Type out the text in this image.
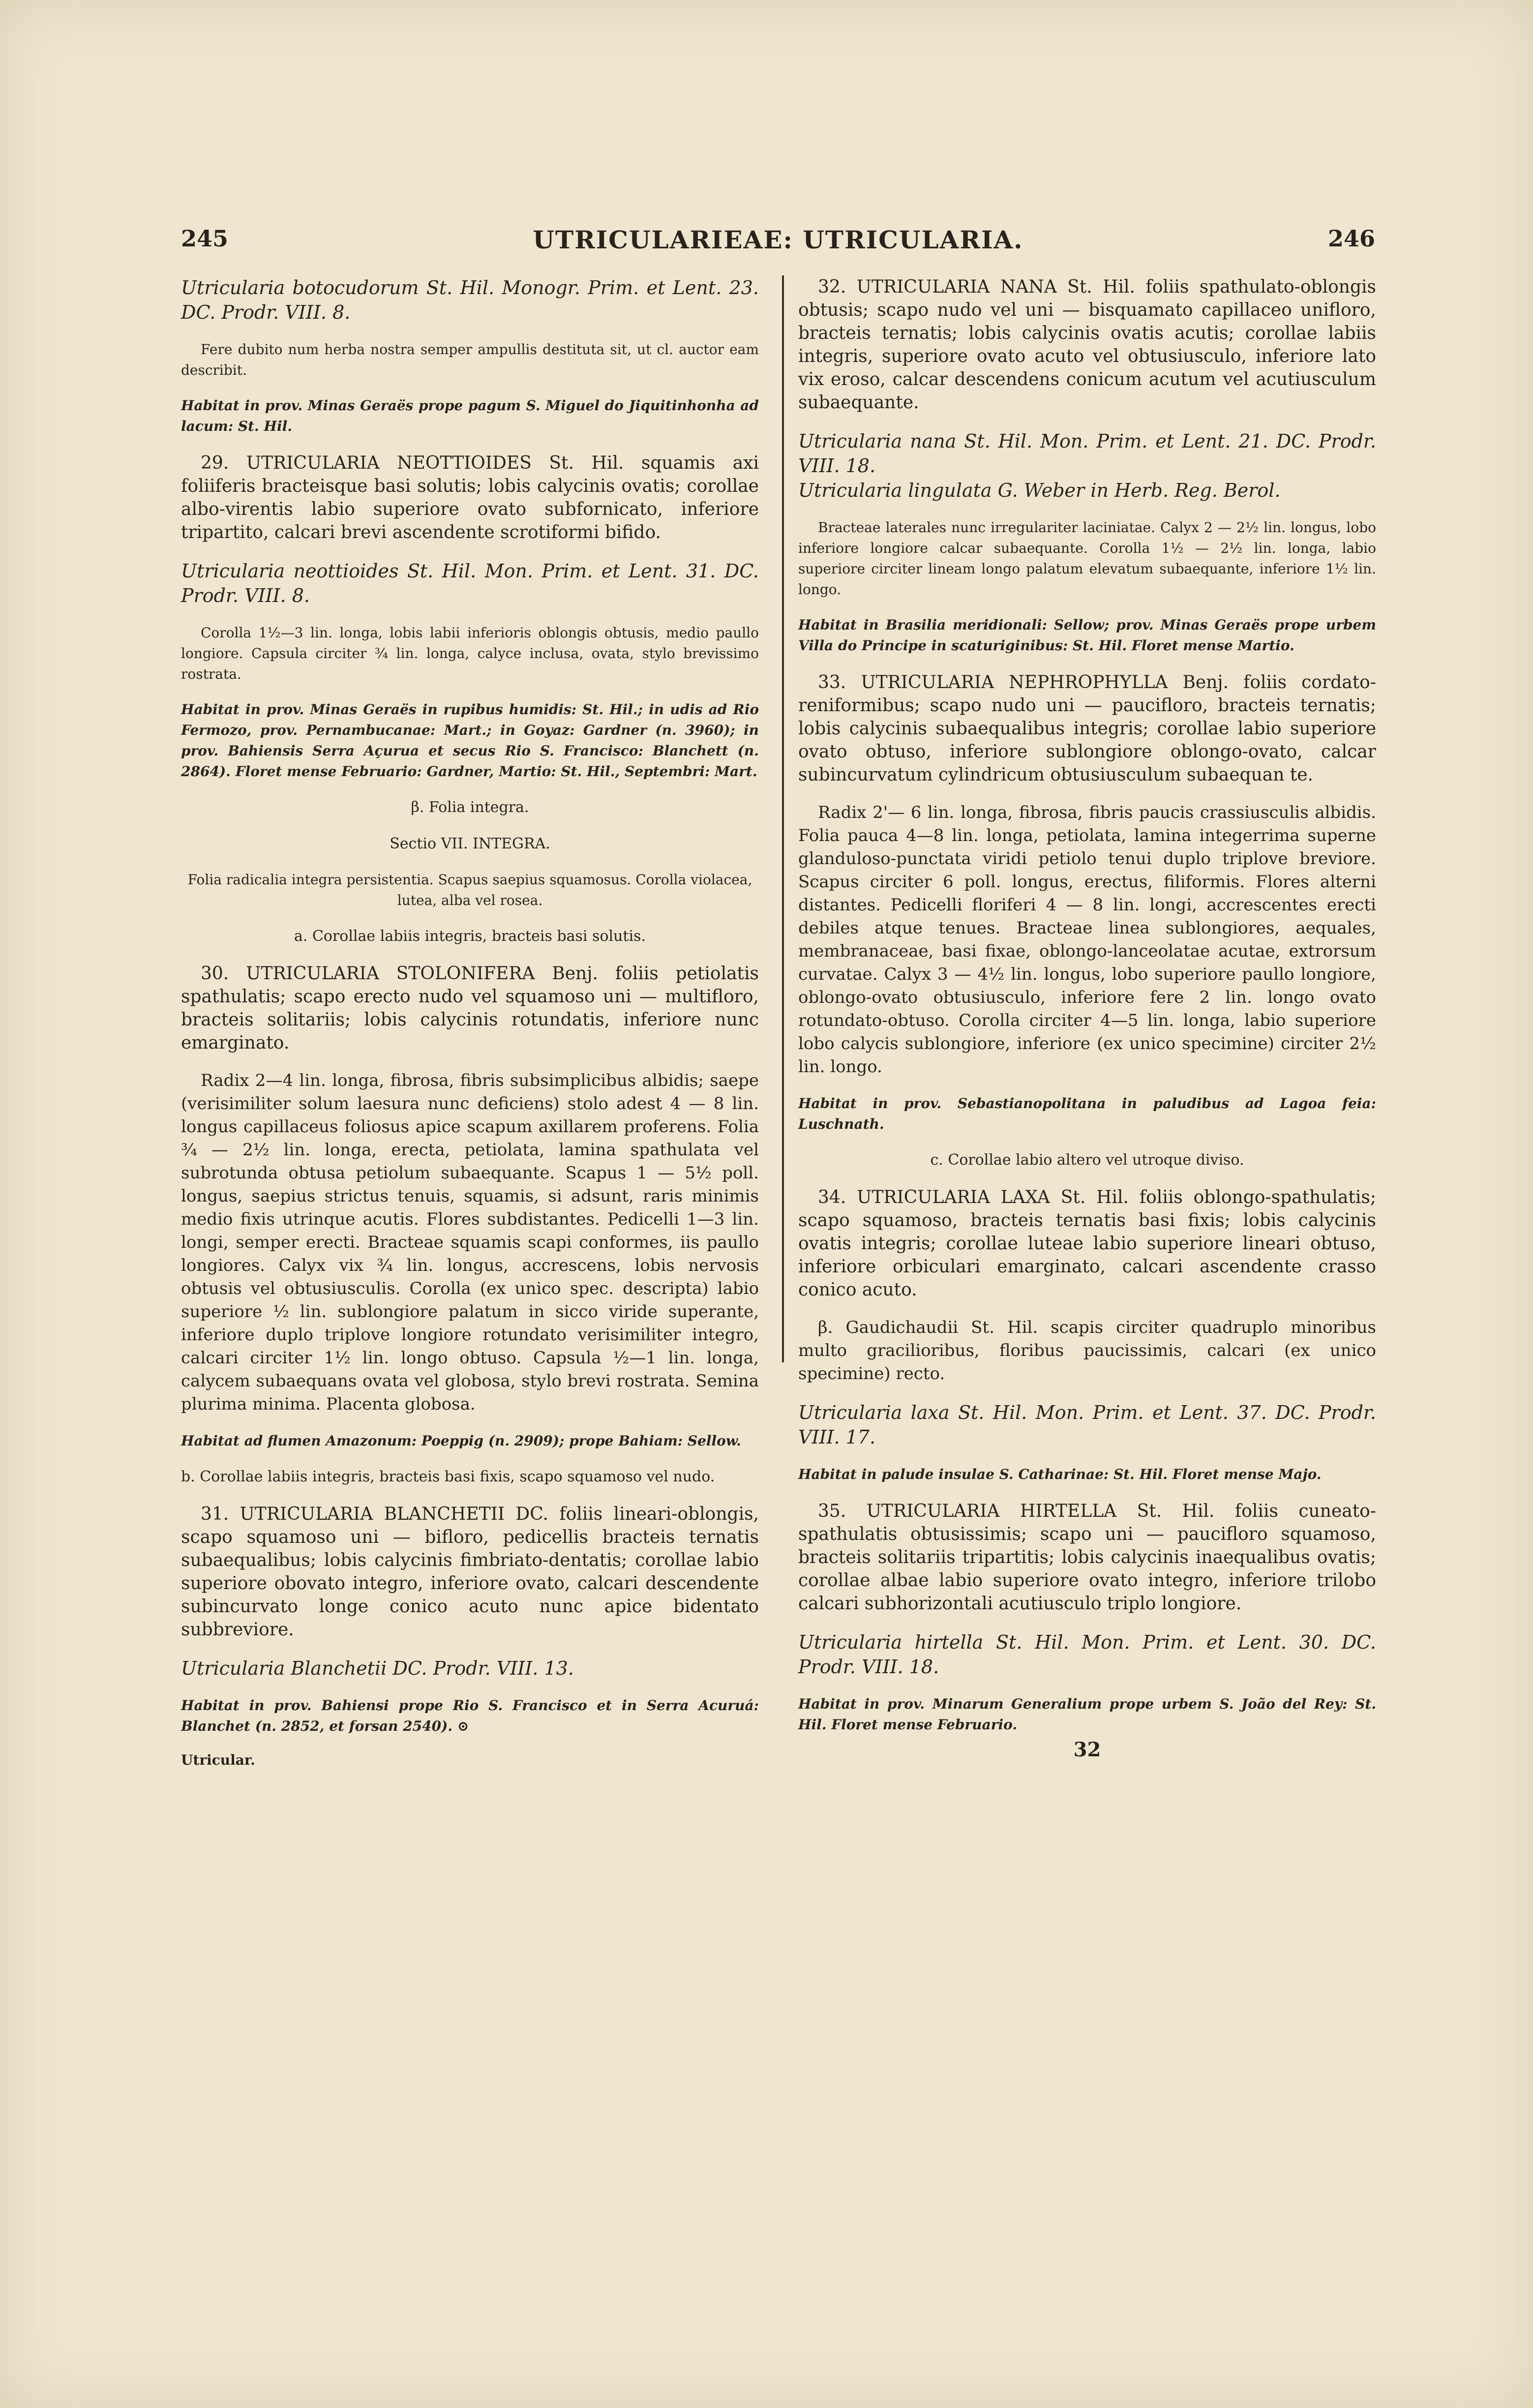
245	UTRICULARIEAE: UTRICULARIA.	246

Utricularia botocudorum St. Hil. Monogr. Prim. et Lent. 23. DC. Prodr. VIII. 8.

Fere dubito num herba nostra semper ampullis destituta sit, ut cl. auctor eam describit.

Habitat in prov. Minas Geraës prope pagum S. Miguel do Jiquitinhonha ad lacum: St. Hil.

29. UTRICULARIA NEOTTIOIDES St. Hil. squamis axi foliiferis bracteisque basi solutis; lobis calycinis ovatis; corollae albo-virentis labio superiore ovato subfornicato, inferiore tripartito, calcari brevi ascendente scrotiformi bifido.

Utricularia neottioides St. Hil. Mon. Prim. et Lent. 31. DC. Prodr. VIII. 8.

Corolla 1½—3 lin. longa, lobis labii inferioris oblongis obtusis, medio paullo longiore. Capsula circiter ¾ lin. longa, calyce inclusa, ovata, stylo brevissimo rostrata.

Habitat in prov. Minas Geraës in rupibus humidis: St. Hil.; in udis ad Rio Fermozo, prov. Pernambucanae: Mart.; in Goyaz: Gardner (n. 3960); in prov. Bahiensis Serra Açurua et secus Rio S. Francisco: Blanchett (n. 2864). Floret mense Februario: Gardner, Martio: St. Hil., Septembri: Mart.

β. Folia integra.

Sectio VII. INTEGRA.

Folia radicalia integra persistentia. Scapus saepius squamosus. Corolla violacea, lutea, alba vel rosea.

a. Corollae labiis integris, bracteis basi solutis.

30. UTRICULARIA STOLONIFERA Benj. foliis petiolatis spathulatis; scapo erecto nudo vel squamoso uni — multifloro, bracteis solitariis; lobis calycinis rotundatis, inferiore nunc emarginato.

Radix 2—4 lin. longa, fibrosa, fibris subsimplicibus albidis; saepe (verisimiliter solum laesura nunc deficiens) stolo adest 4 — 8 lin. longus capillaceus foliosus apice scapum axillarem proferens. Folia ¾ — 2½ lin. longa, erecta, petiolata, lamina spathulata vel subrotunda obtusa petiolum subaequante. Scapus 1 — 5½ poll. longus, saepius strictus tenuis, squamis, si adsunt, raris minimis medio fixis utrinque acutis. Flores subdistantes. Pedicelli 1—3 lin. longi, semper erecti. Bracteae squamis scapi conformes, iis paullo longiores. Calyx vix ¾ lin. longus, accrescens, lobis nervosis obtusis vel obtusiusculis. Corolla (ex unico spec. descripta) labio superiore ½ lin. sublongiore palatum in sicco viride superante, inferiore duplo triplove longiore rotundato verisimiliter integro, calcari circiter 1½ lin. longo obtuso. Capsula ½—1 lin. longa, calycem subaequans ovata vel globosa, stylo brevi rostrata. Semina plurima minima. Placenta globosa.

Habitat ad flumen Amazonum: Poeppig (n. 2909); prope Bahiam: Sellow.

b. Corollae labiis integris, bracteis basi fixis, scapo squamoso vel nudo.

31. UTRICULARIA BLANCHETII DC. foliis lineari-oblongis, scapo squamoso uni — bifloro, pedicellis bracteis ternatis subaequalibus; lobis calycinis fimbriato-dentatis; corollae labio superiore obovato integro, inferiore ovato, calcari descendente subincurvato longe conico acuto nunc apice bidentato subbreviore.

Utricularia Blanchetii DC. Prodr. VIII. 13.

Habitat in prov. Bahiensi prope Rio S. Francisco et in Serra Acuruá: Blanchet (n. 2852, et forsan 2540). ⊙

Utricular.

32. UTRICULARIA NANA St. Hil. foliis spathulato-oblongis obtusis; scapo nudo vel uni — bisquamato capillaceo unifloro, bracteis ternatis; lobis calycinis ovatis acutis; corollae labiis integris, superiore ovato acuto vel obtusiusculo, inferiore lato vix eroso, calcar descendens conicum acutum vel acutiusculum subaequante.

Utricularia nana St. Hil. Mon. Prim. et Lent. 21. DC. Prodr. VIII. 18.

Utricularia lingulata G. Weber in Herb. Reg. Berol.

Bracteae laterales nunc irregulariter laciniatae. Calyx 2 — 2½ lin. longus, lobo inferiore longiore calcar subaequante. Corolla 1½ — 2½ lin. longa, labio superiore circiter lineam longo palatum elevatum subaequante, inferiore 1½ lin. longo.

Habitat in Brasilia meridionali: Sellow; prov. Minas Geraës prope urbem Villa do Principe in scaturiginibus: St. Hil. Floret mense Martio.

33. UTRICULARIA NEPHROPHYLLA Benj. foliis cordato-reniformibus; scapo nudo uni — paucifloro, bracteis ternatis; lobis calycinis subaequalibus integris; corollae labio superiore ovato obtuso, inferiore sublongiore oblongo-ovato, calcar subincurvatum cylindricum obtusiusculum subaequan te.

Radix 2'— 6 lin. longa, fibrosa, fibris paucis crassiusculis albidis. Folia pauca 4—8 lin. longa, petiolata, lamina integerrima superne glanduloso-punctata viridi petiolo tenui duplo triplove breviore. Scapus circiter 6 poll. longus, erectus, filiformis. Flores alterni distantes. Pedicelli floriferi 4 — 8 lin. longi, accrescentes erecti debiles atque tenues. Bracteae linea sublongiores, aequales, membranaceae, basi fixae, oblongo-lanceolatae acutae, extrorsum curvatae. Calyx 3 — 4½ lin. longus, lobo superiore paullo longiore, oblongo-ovato obtusiusculo, inferiore fere 2 lin. longo ovato rotundato-obtuso. Corolla circiter 4—5 lin. longa, labio superiore lobo calycis sublongiore, inferiore (ex unico specimine) circiter 2½ lin. longo.

Habitat in prov. Sebastianopolitana in paludibus ad Lagoa feia: Luschnath.

c. Corollae labio altero vel utroque diviso.

34. UTRICULARIA LAXA St. Hil. foliis oblongo-spathulatis; scapo squamoso, bracteis ternatis basi fixis; lobis calycinis ovatis integris; corollae luteae labio superiore lineari obtuso, inferiore orbiculari emarginato, calcari ascendente crasso conico acuto.

β. Gaudichaudii St. Hil. scapis circiter quadruplo minoribus multo gracilioribus, floribus paucissimis, calcari (ex unico specimine) recto.

Utricularia laxa St. Hil. Mon. Prim. et Lent. 37. DC. Prodr. VIII. 17.

Habitat in palude insulae S. Catharinae: St. Hil. Floret mense Majo.

35. UTRICULARIA HIRTELLA St. Hil. foliis cuneato-spathulatis obtusissimis; scapo uni — paucifloro squamoso, bracteis solitariis tripartitis; lobis calycinis inaequalibus ovatis; corollae albae labio superiore ovato integro, inferiore trilobo calcari subhorizontali acutiusculo triplo longiore.

Utricularia hirtella St. Hil. Mon. Prim. et Lent. 30. DC. Prodr. VIII. 18.

Habitat in prov. Minarum Generalium prope urbem S. João del Rey: St. Hil. Floret mense Februario.

32
